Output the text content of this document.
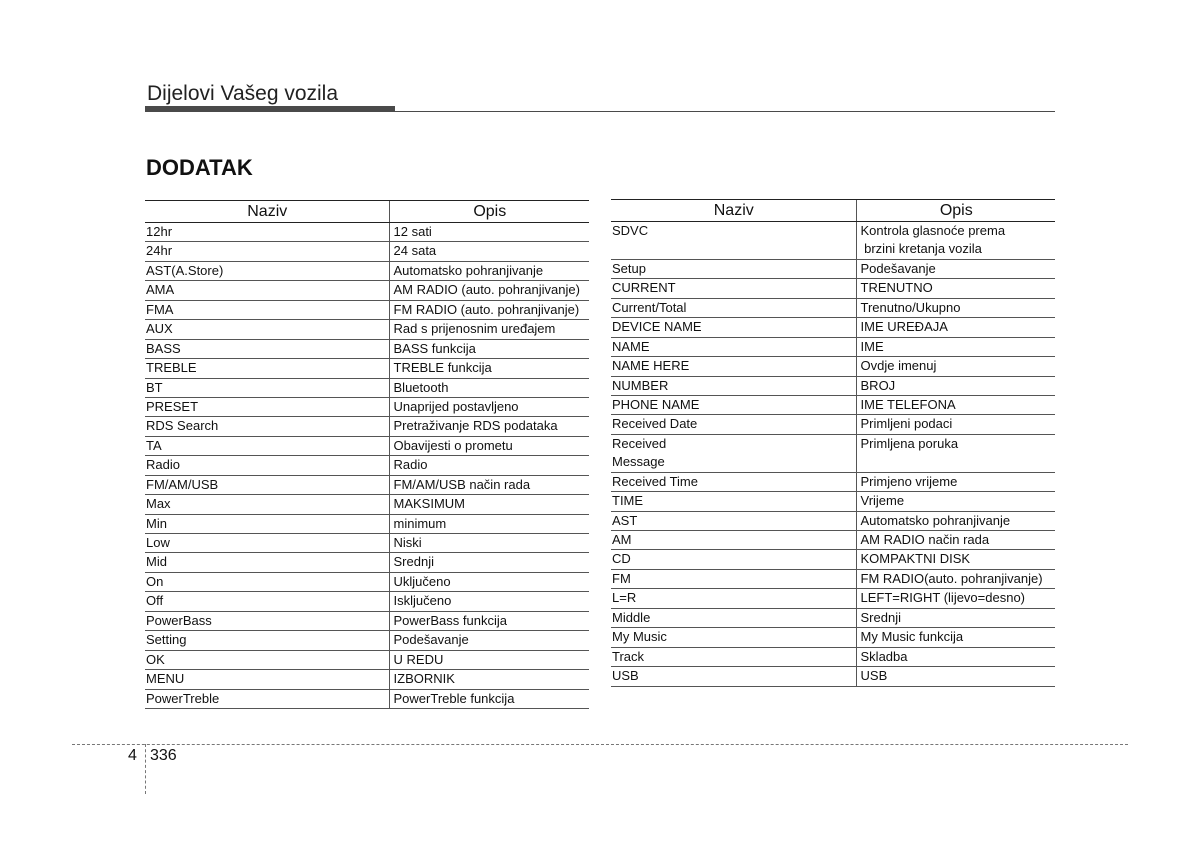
Dijelovi Vašeg vozila
DODATAK
Naziv	Opis

12hr	12 sati

24hr	24 sata

AST(A.Store)	Automatsko pohranjivanje

AMA	AM RADIO (auto. pohranjivanje)

FMA	FM RADIO (auto. pohranjivanje)

AUX	Rad s prijenosnim uređajem

BASS	BASS funkcija

TREBLE	TREBLE funkcija

BT	Bluetooth

PRESET	Unaprijed postavljeno

RDS Search	Pretraživanje RDS podataka

TA	Obavijesti o prometu

Radio	Radio

FM/AM/USB	FM/AM/USB način rada

Max	MAKSIMUM

Min	minimum

Low	Niski

Mid	Srednji

On	Uključeno

Off	Isključeno

PowerBass	PowerBass funkcija

Setting	Podešavanje

OK	U REDU

MENU	IZBORNIK

PowerTreble	PowerTreble funkcija
Naziv	Opis

SDVC	Kontrola glasnoće prema
brzini kretanja vozila

Setup	Podešavanje

CURRENT	TRENUTNO

Current/Total	Trenutno/Ukupno

DEVICE NAME	IME UREĐAJA

NAME	IME

NAME HERE	Ovdje imenuj

NUMBER	BROJ

PHONE NAME	IME TELEFONA

Received Date	Primljeni podaci

Received
Message	Primljena poruka

Received Time	Primjeno vrijeme

TIME	Vrijeme

AST	Automatsko pohranjivanje

AM	AM RADIO način rada

CD	KOMPAKTNI DISK

FM	FM RADIO(auto. pohranjivanje)

L=R	LEFT=RIGHT (lijevo=desno)

Middle	Srednji

My Music	My Music funkcija

Track	Skladba

USB	USB
4 336
